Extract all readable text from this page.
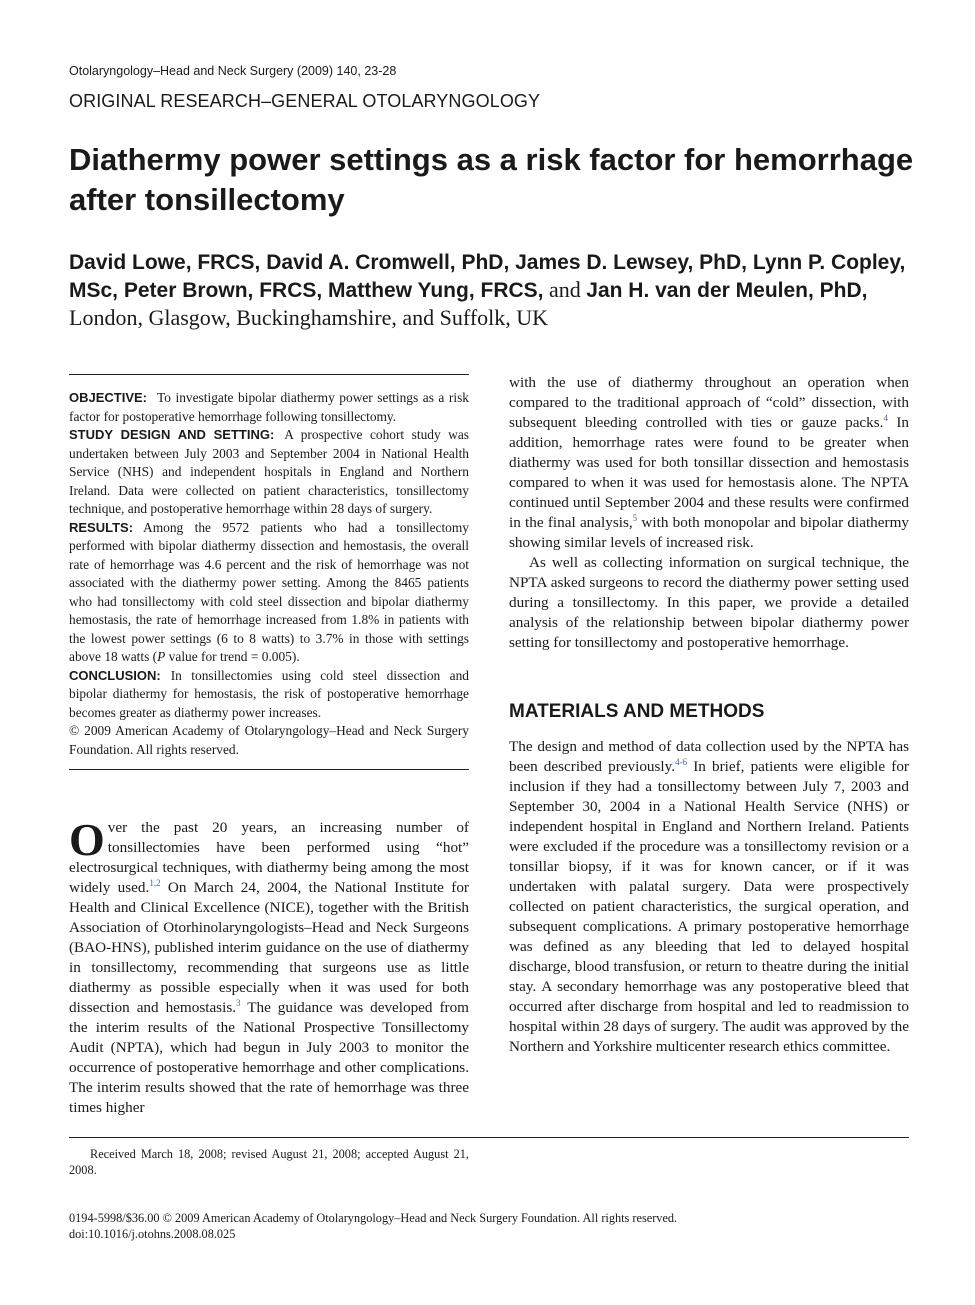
Otolaryngology–Head and Neck Surgery (2009) 140, 23-28
ORIGINAL RESEARCH–GENERAL OTOLARYNGOLOGY
Diathermy power settings as a risk factor for hemorrhage after tonsillectomy
David Lowe, FRCS, David A. Cromwell, PhD, James D. Lewsey, PhD, Lynn P. Copley, MSc, Peter Brown, FRCS, Matthew Yung, FRCS, and Jan H. van der Meulen, PhD, London, Glasgow, Buckinghamshire, and Suffolk, UK

OBJECTIVE: To investigate bipolar diathermy power settings as a risk factor for postoperative hemorrhage following tonsillectomy.

STUDY DESIGN AND SETTING: A prospective cohort study was undertaken between July 2003 and September 2004 in National Health Service (NHS) and independent hospitals in England and Northern Ireland. Data were collected on patient characteristics, tonsillectomy technique, and postoperative hemorrhage within 28 days of surgery.

RESULTS: Among the 9572 patients who had a tonsillectomy performed with bipolar diathermy dissection and hemostasis, the overall rate of hemorrhage was 4.6 percent and the risk of hemorrhage was not associated with the diathermy power setting. Among the 8465 patients who had tonsillectomy with cold steel dissection and bipolar diathermy hemostasis, the rate of hemorrhage increased from 1.8% in patients with the lowest power settings (6 to 8 watts) to 3.7% in those with settings above 18 watts (P value for trend = 0.005).

CONCLUSION: In tonsillectomies using cold steel dissection and bipolar diathermy for hemostasis, the risk of postoperative hemorrhage becomes greater as diathermy power increases.

© 2009 American Academy of Otolaryngology–Head and Neck Surgery Foundation. All rights reserved.

Over the past 20 years, an increasing number of tonsillectomies have been performed using “hot” electrosurgical techniques, with diathermy being among the most widely used.$^{1,2}$ On March 24, 2004, the National Institute for Health and Clinical Excellence (NICE), together with the British Association of Otorhinolaryngologists–Head and Neck Surgeons (BAO-HNS), published interim guidance on the use of diathermy in tonsillectomy, recommending that surgeons use as little diathermy as possible especially when it was used for both dissection and hemostasis.$^3$ The guidance was developed from the interim results of the National Prospective Tonsillectomy Audit (NPTA), which had begun in July 2003 to monitor the occurrence of postoperative hemorrhage and other complications. The interim results showed that the rate of hemorrhage was three times higher

with the use of diathermy throughout an operation when compared to the traditional approach of “cold” dissection, with subsequent bleeding controlled with ties or gauze packs.$^4$ In addition, hemorrhage rates were found to be greater when diathermy was used for both tonsillar dissection and hemostasis compared to when it was used for hemostasis alone. The NPTA continued until September 2004 and these results were confirmed in the final analysis,$^5$ with both monopolar and bipolar diathermy showing similar levels of increased risk.

As well as collecting information on surgical technique, the NPTA asked surgeons to record the diathermy power setting used during a tonsillectomy. In this paper, we provide a detailed analysis of the relationship between bipolar diathermy power setting for tonsillectomy and postoperative hemorrhage.

MATERIALS AND METHODS

The design and method of data collection used by the NPTA has been described previously.$^{4-6}$ In brief, patients were eligible for inclusion if they had a tonsillectomy between July 7, 2003 and September 30, 2004 in a National Health Service (NHS) or independent hospital in England and Northern Ireland. Patients were excluded if the procedure was a tonsillectomy revision or a tonsillar biopsy, if it was for known cancer, or if it was undertaken with palatal surgery. Data were prospectively collected on patient characteristics, the surgical operation, and subsequent complications. A primary postoperative hemorrhage was defined as any bleeding that led to delayed hospital discharge, blood transfusion, or return to theatre during the initial stay. A secondary hemorrhage was any postoperative bleed that occurred after discharge from hospital and led to readmission to hospital within 28 days of surgery. The audit was approved by the Northern and Yorkshire multicenter research ethics committee.

Received March 18, 2008; revised August 21, 2008; accepted August 21, 2008.
0194-5998/$36.00 © 2009 American Academy of Otolaryngology–Head and Neck Surgery Foundation. All rights reserved.
doi:10.1016/j.otohns.2008.08.025
